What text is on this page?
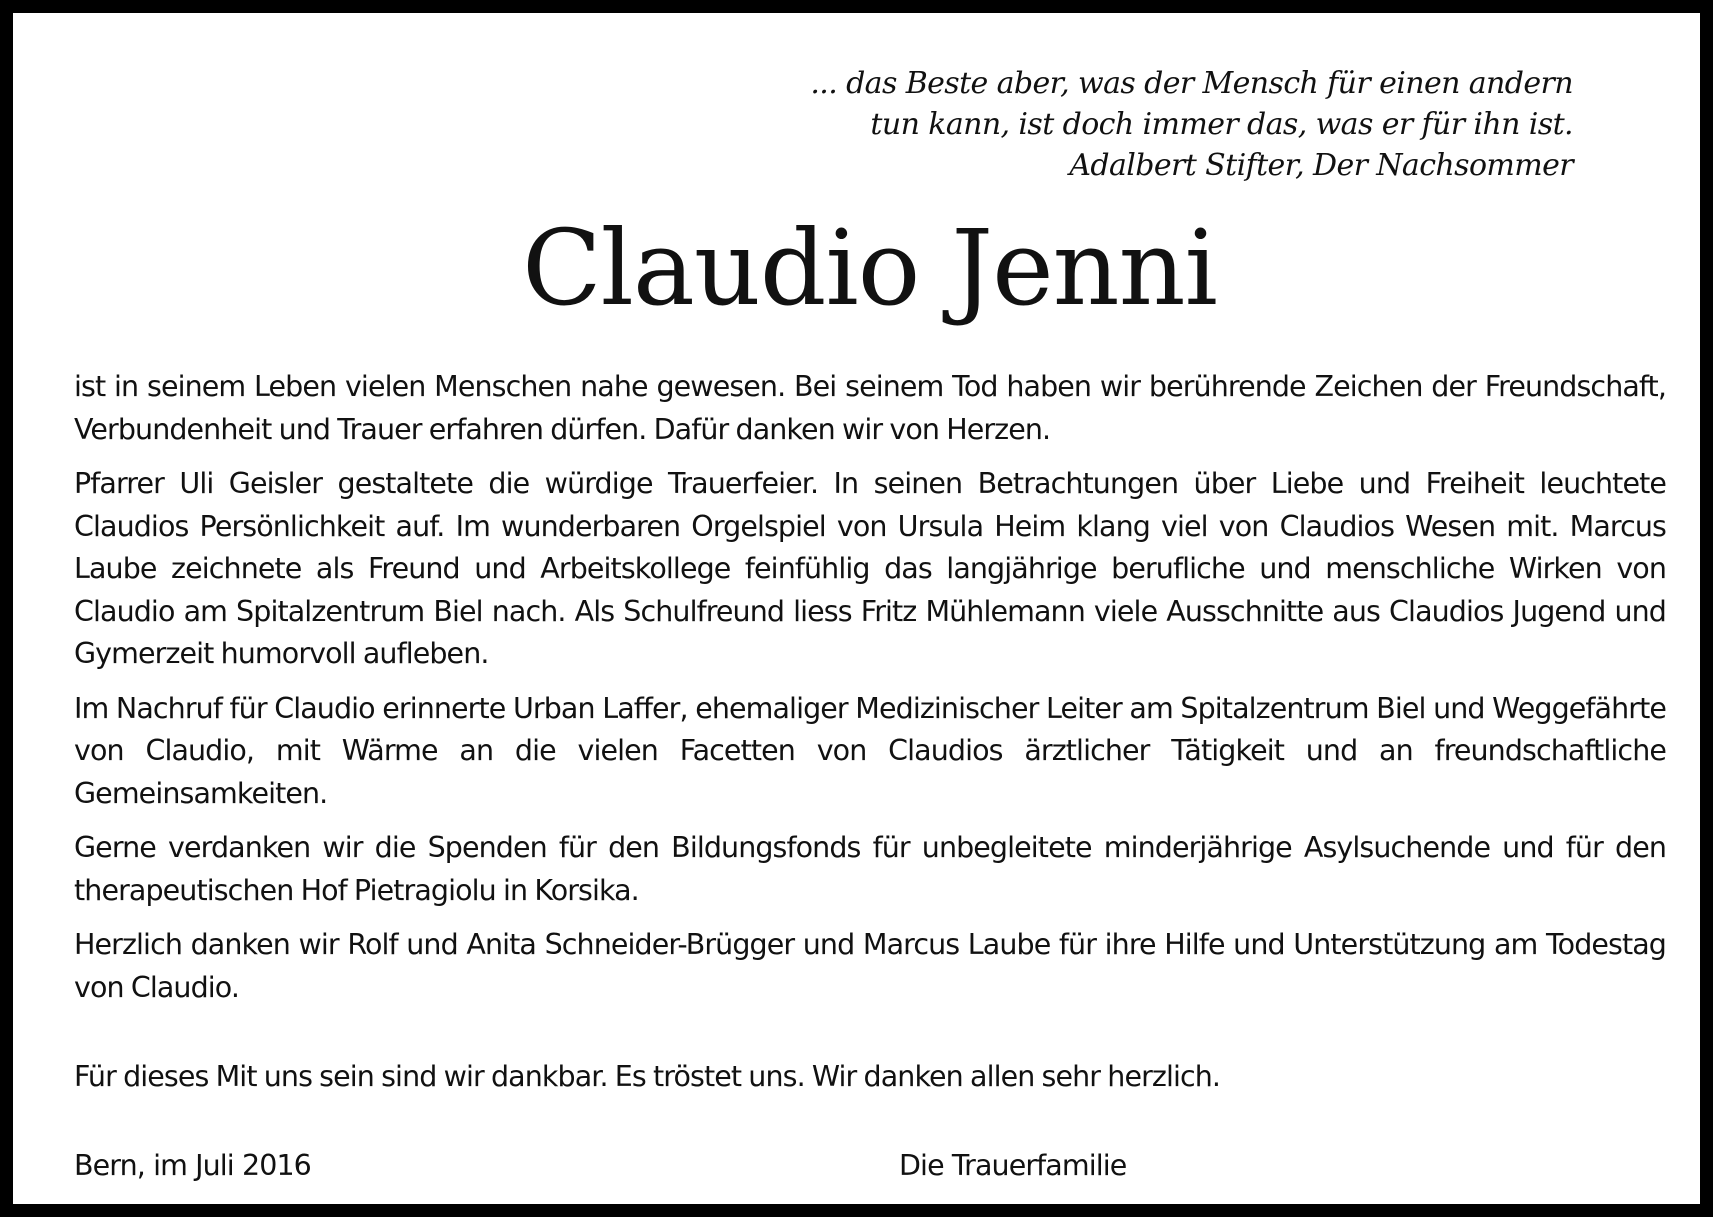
... das Beste aber, was der Mensch für einen andern
tun kann, ist doch immer das, was er für ihn ist.
Adalbert Stifter, Der Nachsommer
Claudio Jenni

ist in seinem Leben vielen Menschen nahe gewesen. Bei seinem Tod haben wir berührende Zeichen der Freundschaft, Verbundenheit und Trauer erfahren dürfen. Dafür danken wir von Herzen.

Pfarrer Uli Geisler gestaltete die würdige Trauerfeier. In seinen Betrachtungen über Liebe und Freiheit leuchtete Claudios Persönlichkeit auf. Im wunderbaren Orgelspiel von Ursula Heim klang viel von Claudios Wesen mit. Marcus Laube zeichnete als Freund und Arbeitskollege feinfühlig das langjährige berufliche und menschliche Wirken von Claudio am Spitalzentrum Biel nach. Als Schulfreund liess Fritz Mühlemann viele Ausschnitte aus Claudios Jugend und Gymerzeit humorvoll aufleben.

Im Nachruf für Claudio erinnerte Urban Laffer, ehemaliger Medizinischer Leiter am Spitalzentrum Biel und Weggefährte von Claudio, mit Wärme an die vielen Facetten von Claudios ärztlicher Tätigkeit und an freundschaftliche Gemeinsamkeiten.

Gerne verdanken wir die Spenden für den Bildungsfonds für unbegleitete minderjährige Asylsuchende und für den therapeutischen Hof Pietragiolu in Korsika.

Herzlich danken wir Rolf und Anita Schneider-Brügger und Marcus Laube für ihre Hilfe und Unterstützung am Todestag von Claudio.

Für dieses Mit uns sein sind wir dankbar. Es tröstet uns. Wir danken allen sehr herzlich.
Bern, im Juli 2016	Die Trauerfamilie
